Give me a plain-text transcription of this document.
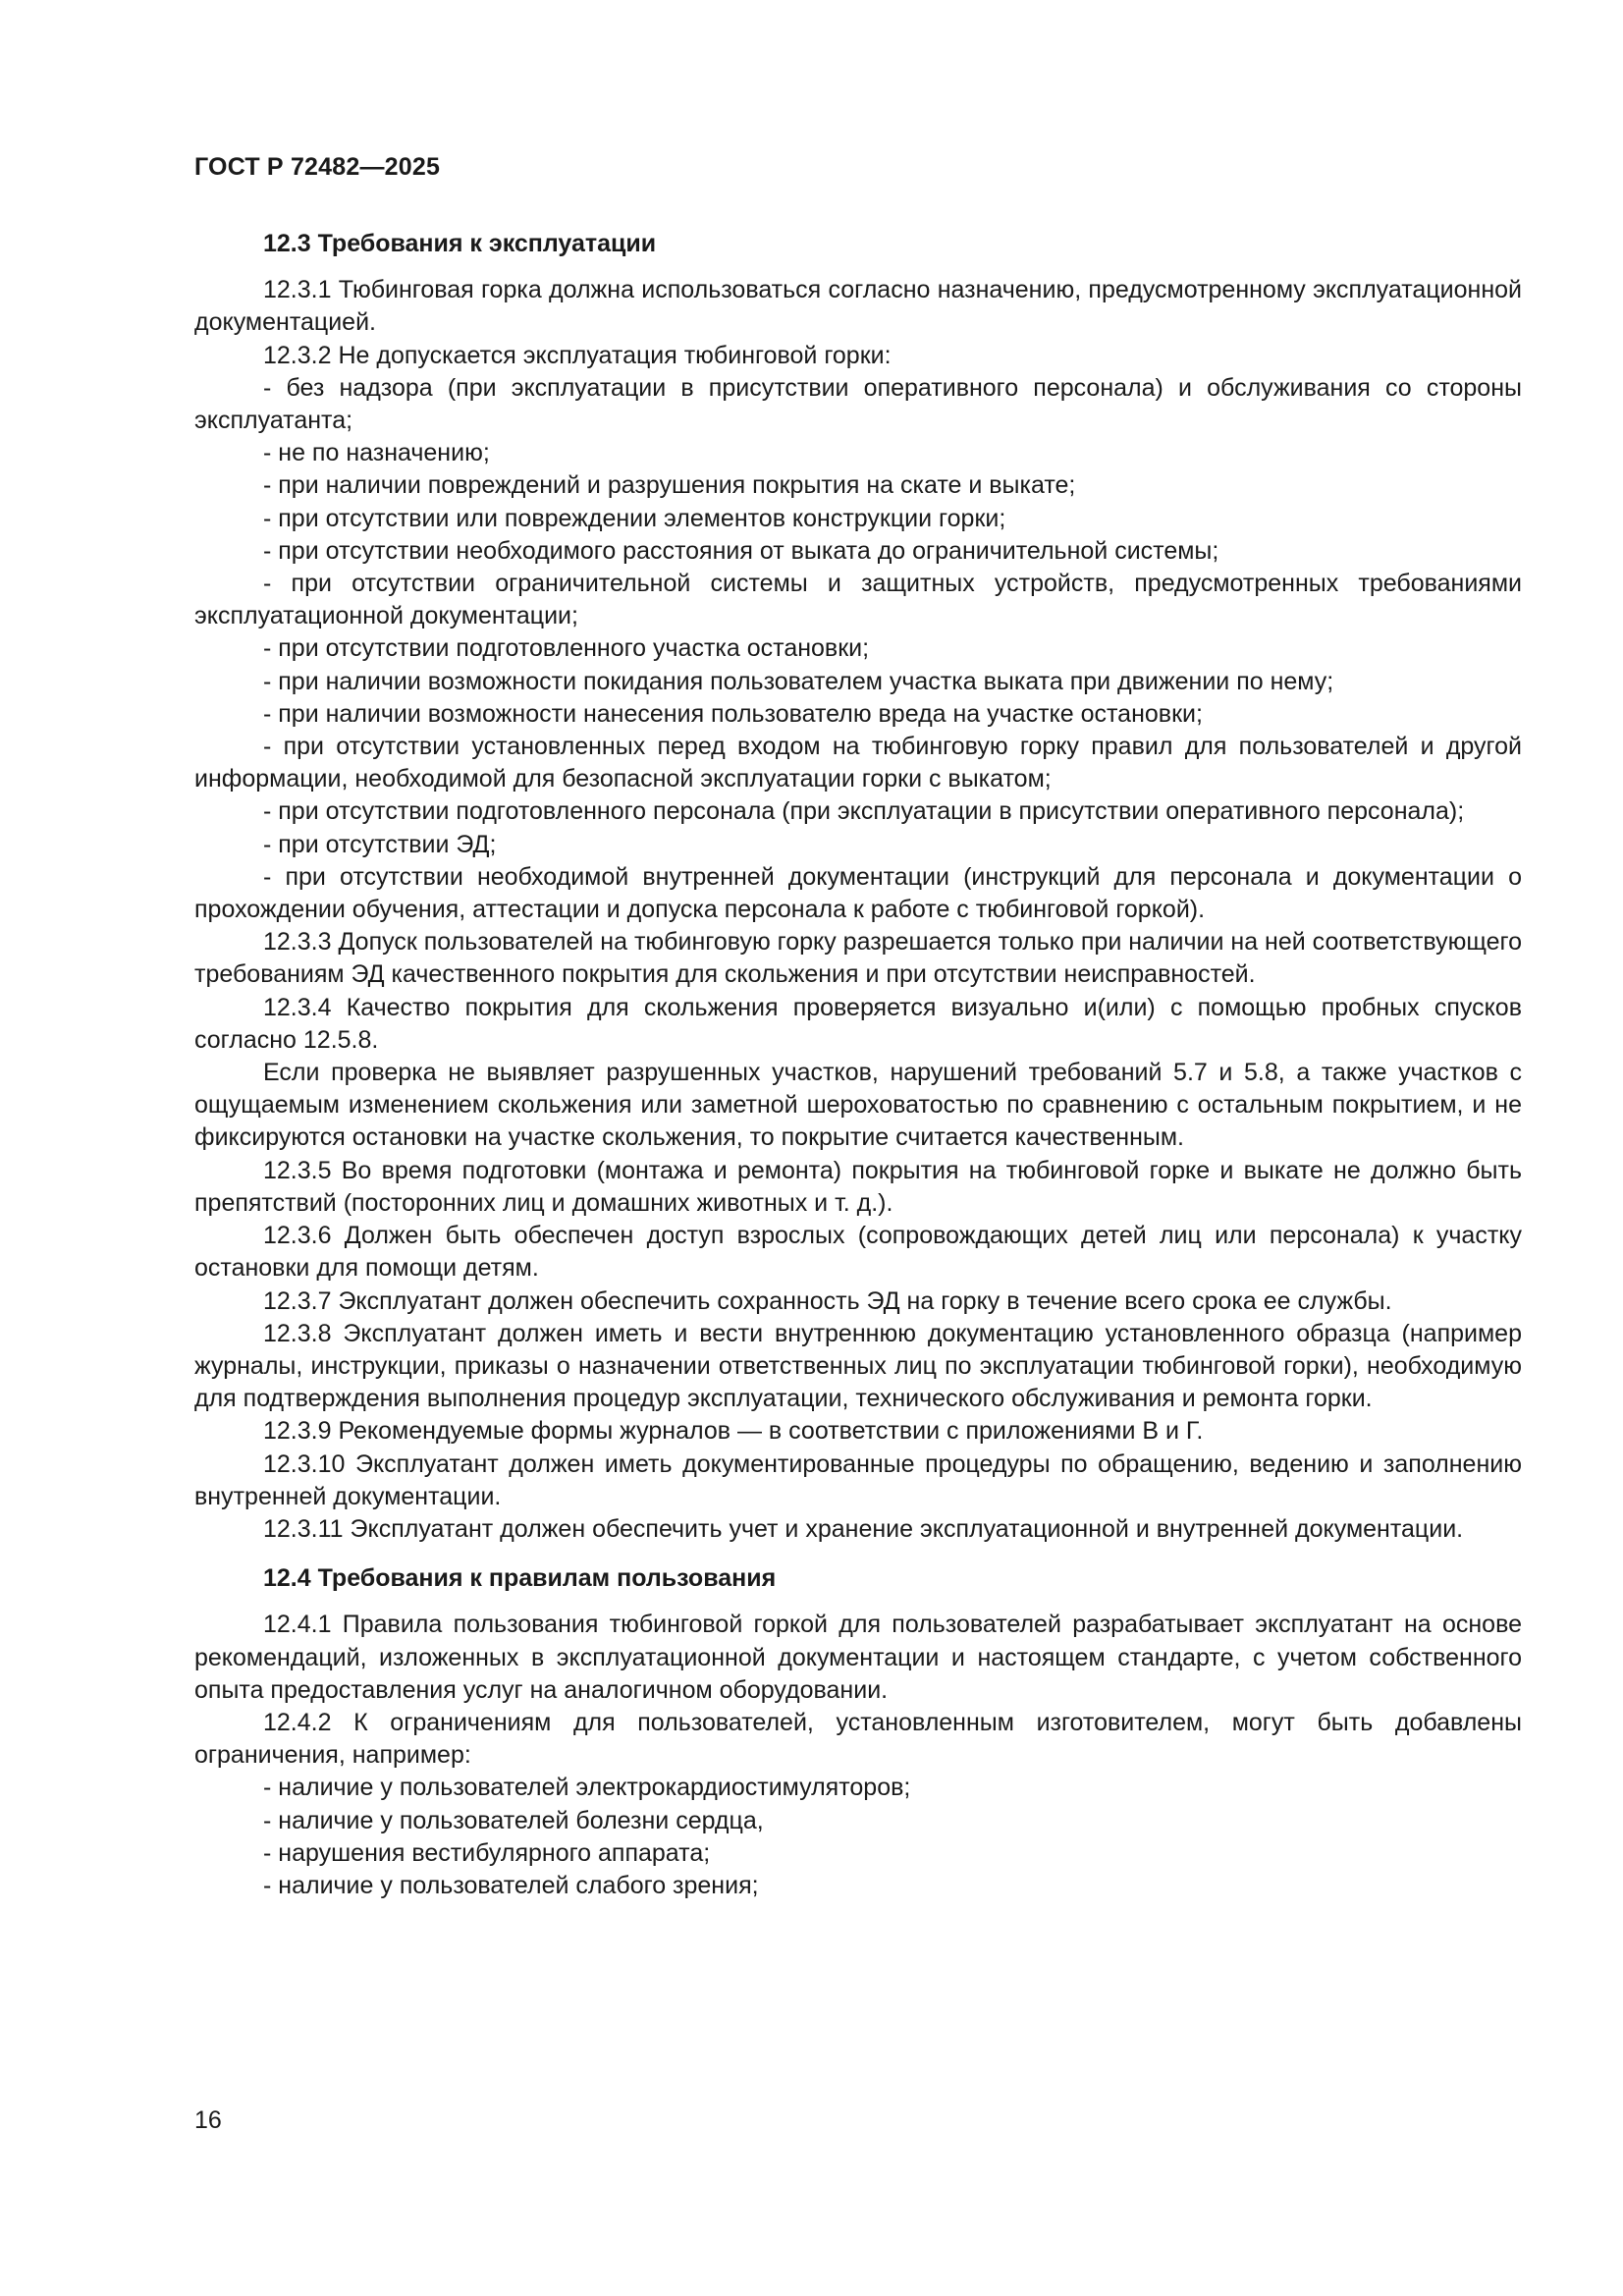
ГОСТ Р 72482—2025
12.3 Требования к эксплуатации

12.3.1 Тюбинговая горка должна использоваться согласно назначению, предусмотренному эксплуатационной документацией.

12.3.2 Не допускается эксплуатация тюбинговой горки:

- без надзора (при эксплуатации в присутствии оперативного персонала) и обслуживания со стороны эксплуатанта;

- не по назначению;

- при наличии повреждений и разрушения покрытия на скате и выкате;

- при отсутствии или повреждении элементов конструкции горки;

- при отсутствии необходимого расстояния от выката до ограничительной системы;

- при отсутствии ограничительной системы и защитных устройств, предусмотренных требованиями эксплуатационной документации;

- при отсутствии подготовленного участка остановки;

- при наличии возможности покидания пользователем участка выката при движении по нему;

- при наличии возможности нанесения пользователю вреда на участке остановки;

- при отсутствии установленных перед входом на тюбинговую горку правил для пользователей и другой информации, необходимой для безопасной эксплуатации горки с выкатом;

- при отсутствии подготовленного персонала (при эксплуатации в присутствии оперативного персонала);

- при отсутствии ЭД;

- при отсутствии необходимой внутренней документации (инструкций для персонала и документации о прохождении обучения, аттестации и допуска персонала к работе с тюбинговой горкой).

12.3.3 Допуск пользователей на тюбинговую горку разрешается только при наличии на ней соответствующего требованиям ЭД качественного покрытия для скольжения и при отсутствии неисправностей.

12.3.4 Качество покрытия для скольжения проверяется визуально и(или) с помощью пробных спусков согласно 12.5.8.

Если проверка не выявляет разрушенных участков, нарушений требований 5.7 и 5.8, а также участков с ощущаемым изменением скольжения или заметной шероховатостью по сравнению с остальным покрытием, и не фиксируются остановки на участке скольжения, то покрытие считается качественным.

12.3.5 Во время подготовки (монтажа и ремонта) покрытия на тюбинговой горке и выкате не должно быть препятствий (посторонних лиц и домашних животных и т. д.).

12.3.6 Должен быть обеспечен доступ взрослых (сопровождающих детей лиц или персонала) к участку остановки для помощи детям.

12.3.7 Эксплуатант должен обеспечить сохранность ЭД на горку в течение всего срока ее службы.

12.3.8 Эксплуатант должен иметь и вести внутреннюю документацию установленного образца (например журналы, инструкции, приказы о назначении ответственных лиц по эксплуатации тюбинговой горки), необходимую для подтверждения выполнения процедур эксплуатации, технического обслуживания и ремонта горки.

12.3.9 Рекомендуемые формы журналов — в соответствии с приложениями В и Г.

12.3.10 Эксплуатант должен иметь документированные процедуры по обращению, ведению и заполнению внутренней документации.

12.3.11 Эксплуатант должен обеспечить учет и хранение эксплуатационной и внутренней документации.

12.4 Требования к правилам пользования

12.4.1 Правила пользования тюбинговой горкой для пользователей разрабатывает эксплуатант на основе рекомендаций, изложенных в эксплуатационной документации и настоящем стандарте, с учетом собственного опыта предоставления услуг на аналогичном оборудовании.

12.4.2 К ограничениям для пользователей, установленным изготовителем, могут быть добавлены ограничения, например:

- наличие у пользователей электрокардиостимуляторов;

- наличие у пользователей болезни сердца,

- нарушения вестибулярного аппарата;

- наличие у пользователей слабого зрения;

16
